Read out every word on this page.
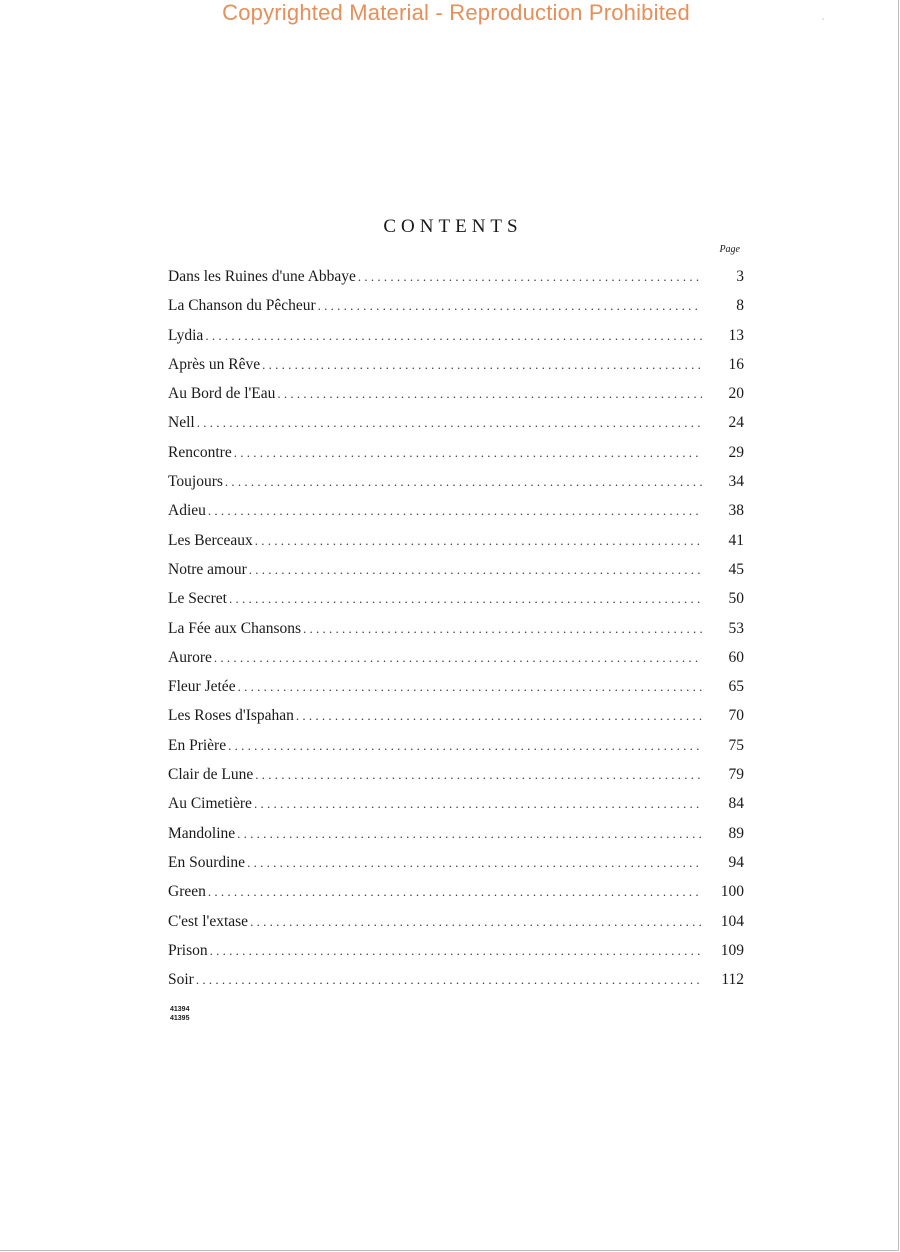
Copyrighted Material - Reproduction Prohibited
CONTENTS
Page
Dans les Ruines d'une Abbaye . . .	3
La Chanson du Pêcheur . . .	8
Lydia . . .	13
Après un Rêve . . .	16
Au Bord de l'Eau . . .	20
Nell . . .	24
Rencontre . . .	29
Toujours . . .	34
Adieu . . .	38
Les Berceaux . . .	41
Notre amour . . .	45
Le Secret . . .	50
La Fée aux Chansons . . .	53
Aurore . . .	60
Fleur Jetée . . .	65
Les Roses d'Ispahan . . .	70
En Prière . . .	75
Clair de Lune . . .	79
Au Cimetière . . .	84
Mandoline . . .	89
En Sourdine . . .	94
Green . . .	100
C'est l'extase . . .	104
Prison . . .	109
Soir . . .	112
41394
41395
